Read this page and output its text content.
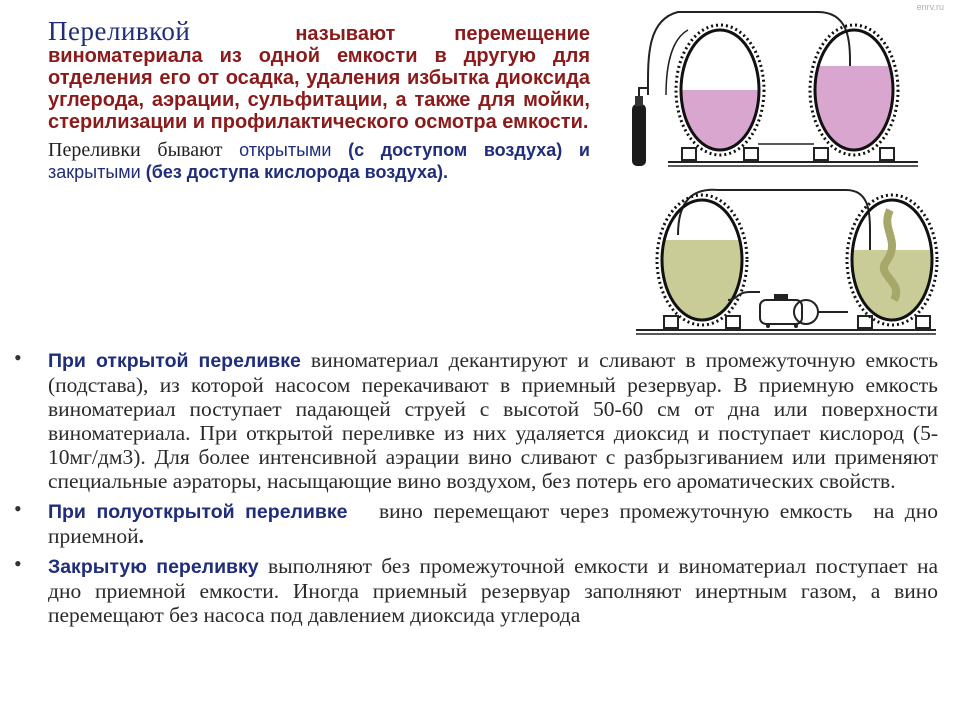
Переливкой	называют перемещение виноматериала из одной емкости в другую для отделения его от осадка, удаления избытка диоксида углерода, аэрации, сульфитации, а также для мойки, стерилизации и профилактического осмотра емкости.
Переливки бывают открытыми (с доступом воздуха) и закрытыми (без доступа кислорода воздуха).
enrv.ru
• При открытой переливке виноматериал декантируют и сливают в промежуточную емкость (подстава), из которой насосом перекачивают в приемный резервуар. В приемную емкость виноматериал поступает падающей струей с высотой 50-60 см от дна или поверхности виноматериала. При открытой переливке из них удаляется диоксид и поступает кислород (5-10мг/дм3). Для более интенсивной аэрации вино сливают с разбрызгиванием или применяют специальные аэраторы, насыщающие вино воздухом, без потерь его ароматических свойств.
• При полуоткрытой переливке   вино перемещают через промежуточную емкость  на дно приемной.
• Закрытую переливку выполняют без промежуточной емкости и виноматериал поступает на дно приемной емкости. Иногда приемный резервуар заполняют инертным газом, а вино перемещают без насоса под давлением диоксида углерода
